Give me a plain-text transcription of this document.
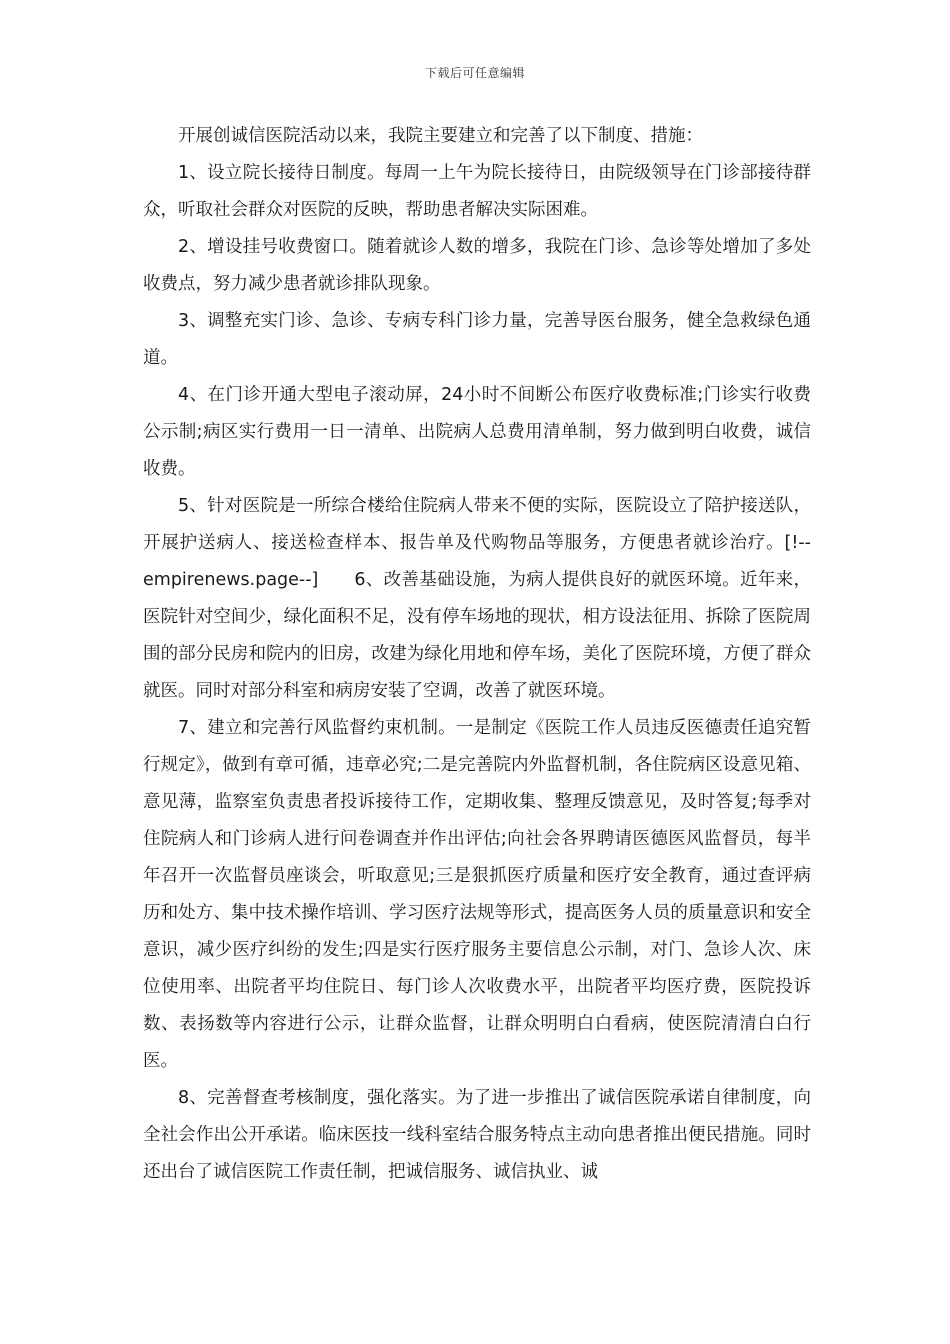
下载后可任意编辑

开展创诚信医院活动以来，我院主要建立和完善了以下制度、措施：

1、设立院长接待日制度。每周一上午为院长接待日，由院级领导在门诊部接待群众，听取社会群众对医院的反映，帮助患者解决实际困难。

2、增设挂号收费窗口。随着就诊人数的增多，我院在门诊、急诊等处增加了多处收费点，努力减少患者就诊排队现象。

3、调整充实门诊、急诊、专病专科门诊力量，完善导医台服务，健全急救绿色通道。

4、在门诊开通大型电子滚动屏，24小时不间断公布医疗收费标准;门诊实行收费公示制;病区实行费用一日一清单、出院病人总费用清单制，努力做到明白收费，诚信收费。

5、针对医院是一所综合楼给住院病人带来不便的实际，医院设立了陪护接送队，开展护送病人、接送检查样本、报告单及代购物品等服务，方便患者就诊治疗。[!--empirenews.page--]　　6、改善基础设施，为病人提供良好的就医环境。近年来，医院针对空间少，绿化面积不足，没有停车场地的现状，相方设法征用、拆除了医院周围的部分民房和院内的旧房，改建为绿化用地和停车场，美化了医院环境，方便了群众就医。同时对部分科室和病房安装了空调，改善了就医环境。

7、建立和完善行风监督约束机制。一是制定《医院工作人员违反医德责任追究暂行规定》，做到有章可循，违章必究;二是完善院内外监督机制，各住院病区设意见箱、意见薄，监察室负责患者投诉接待工作，定期收集、整理反馈意见，及时答复;每季对住院病人和门诊病人进行问卷调查并作出评估;向社会各界聘请医德医风监督员，每半年召开一次监督员座谈会，听取意见;三是狠抓医疗质量和医疗安全教育，通过查评病历和处方、集中技术操作培训、学习医疗法规等形式，提高医务人员的质量意识和安全意识，减少医疗纠纷的发生;四是实行医疗服务主要信息公示制，对门、急诊人次、床位使用率、出院者平均住院日、每门诊人次收费水平，出院者平均医疗费，医院投诉数、表扬数等内容进行公示，让群众监督，让群众明明白白看病，使医院清清白白行医。

8、完善督查考核制度，强化落实。为了进一步推出了诚信医院承诺自律制度，向全社会作出公开承诺。临床医技一线科室结合服务特点主动向患者推出便民措施。同时还出台了诚信医院工作责任制，把诚信服务、诚信执业、诚
